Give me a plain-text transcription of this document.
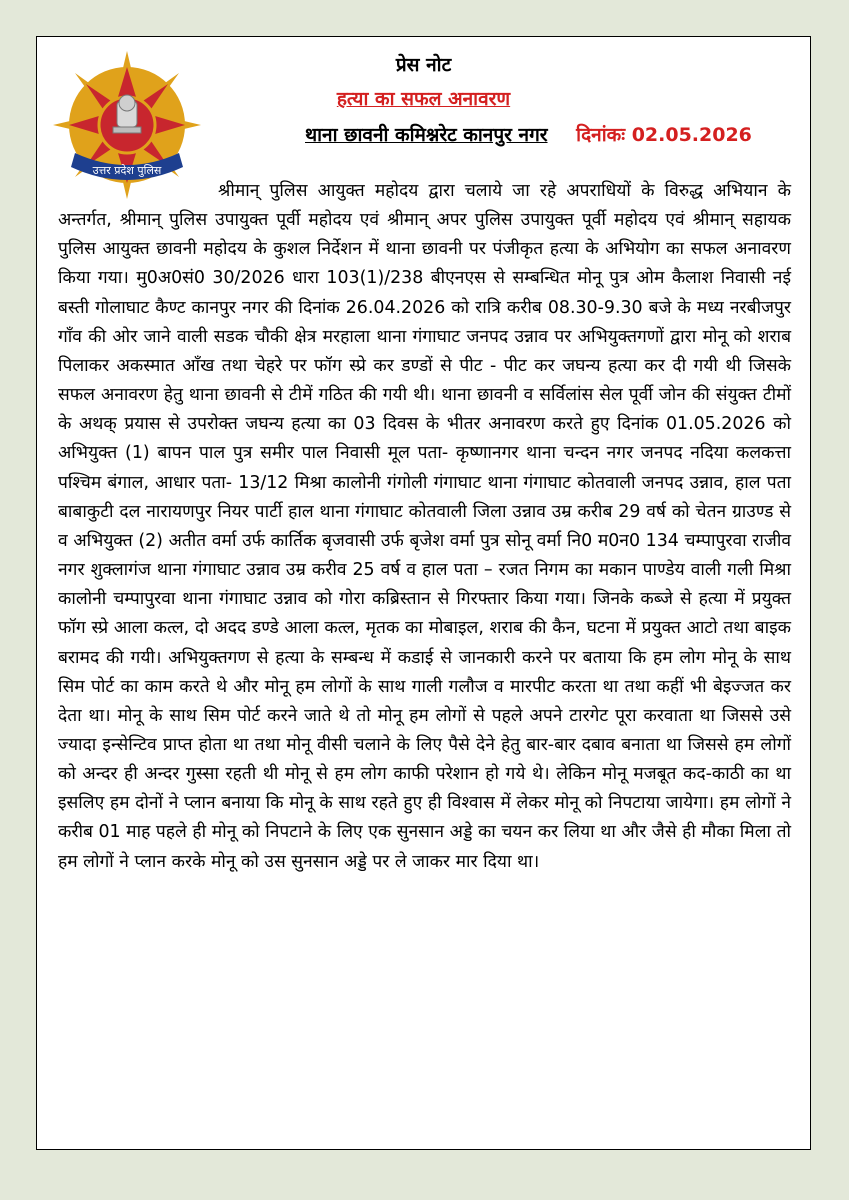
उत्तर प्रदेश पुलिस
प्रेस नोट
हत्या का सफल अनावरण
थाना छावनी कमिश्नरेट कानपुर नगर दिनांकः 02.05.2026

श्रीमान् पुलिस आयुक्त महोदय द्वारा चलाये जा रहे अपराधियों के विरुद्ध अभियान के अन्तर्गत, श्रीमान् पुलिस उपायुक्त पूर्वी महोदय एवं श्रीमान् अपर पुलिस उपायुक्त पूर्वी महोदय एवं श्रीमान् सहायक पुलिस आयुक्त छावनी महोदय के कुशल निर्देशन में थाना छावनी पर पंजीकृत हत्या के अभियोग का सफल अनावरण किया गया। मु0अ0सं0 30/2026 धारा 103(1)/238 बीएनएस से सम्बन्धित मोनू पुत्र ओम कैलाश निवासी नई बस्ती गोलाघाट कैण्ट कानपुर नगर की दिनांक 26.04.2026 को रात्रि करीब 08.30-9.30 बजे के मध्य नरबीजपुर गाँव की ओर जाने वाली सडक चौकी क्षेत्र मरहाला थाना गंगाघाट जनपद उन्नाव पर अभियुक्तगणों द्वारा मोनू को शराब पिलाकर अकस्मात आँख तथा चेहरे पर फॉग स्प्रे कर डण्डों से पीट - पीट कर जघन्य हत्या कर दी गयी थी जिसके सफल अनावरण हेतु थाना छावनी से टीमें गठित की गयी थी। थाना छावनी व सर्विलांस सेल पूर्वी जोन की संयुक्त टीमों के अथक् प्रयास से उपरोक्त जघन्य हत्या का 03 दिवस के भीतर अनावरण करते हुए दिनांक 01.05.2026 को अभियुक्त (1) बापन पाल पुत्र समीर पाल निवासी मूल पता- कृष्णानगर थाना चन्दन नगर जनपद नदिया कलकत्ता पश्चिम बंगाल, आधार पता- 13/12 मिश्रा कालोनी गंगोली गंगाघाट थाना गंगाघाट कोतवाली जनपद उन्नाव, हाल पता बाबाकुटी दल नारायणपुर नियर पार्टी हाल थाना गंगाघाट कोतवाली जिला उन्नाव उम्र करीब 29 वर्ष को चेतन ग्राउण्ड से व अभियुक्त (2) अतीत वर्मा उर्फ कार्तिक बृजवासी उर्फ बृजेश वर्मा पुत्र सोनू वर्मा नि0 म0न0 134 चम्पापुरवा राजीव नगर शुक्लागंज थाना गंगाघाट उन्नाव उम्र करीव 25 वर्ष व हाल पता – रजत निगम का मकान पाण्डेय वाली गली मिश्रा कालोनी चम्पापुरवा थाना गंगाघाट उन्नाव को गोरा कब्रिस्तान से गिरफ्तार किया गया। जिनके कब्जे से हत्या में प्रयुक्त फॉग स्प्रे आला कत्ल, दो अदद डण्डे आला कत्ल, मृतक का मोबाइल, शराब की कैन, घटना में प्रयुक्त आटो तथा बाइक बरामद की गयी। अभियुक्तगण से हत्या के सम्बन्ध में कडाई से जानकारी करने पर बताया कि हम लोग मोनू के साथ सिम पोर्ट का काम करते थे और मोनू हम लोगों के साथ गाली गलौज व मारपीट करता था तथा कहीं भी बेइज्जत कर देता था। मोनू के साथ सिम पोर्ट करने जाते थे तो मोनू हम लोगों से पहले अपने टारगेट पूरा करवाता था जिससे उसे ज्यादा इन्सेन्टिव प्राप्त होता था तथा मोनू वीसी चलाने के लिए पैसे देने हेतु बार-बार दबाव बनाता था जिससे हम लोगों को अन्दर ही अन्दर गुस्सा रहती थी मोनू से हम लोग काफी परेशान हो गये थे। लेकिन मोनू मजबूत कद-काठी का था इसलिए हम दोनों ने प्लान बनाया कि मोनू के साथ रहते हुए ही विश्वास में लेकर मोनू को निपटाया जायेगा। हम लोगों ने करीब 01 माह पहले ही मोनू को निपटाने के लिए एक सुनसान अड्डे का चयन कर लिया था और जैसे ही मौका मिला तो हम लोगों ने प्लान करके मोनू को उस सुनसान अड्डे पर ले जाकर मार दिया था।
